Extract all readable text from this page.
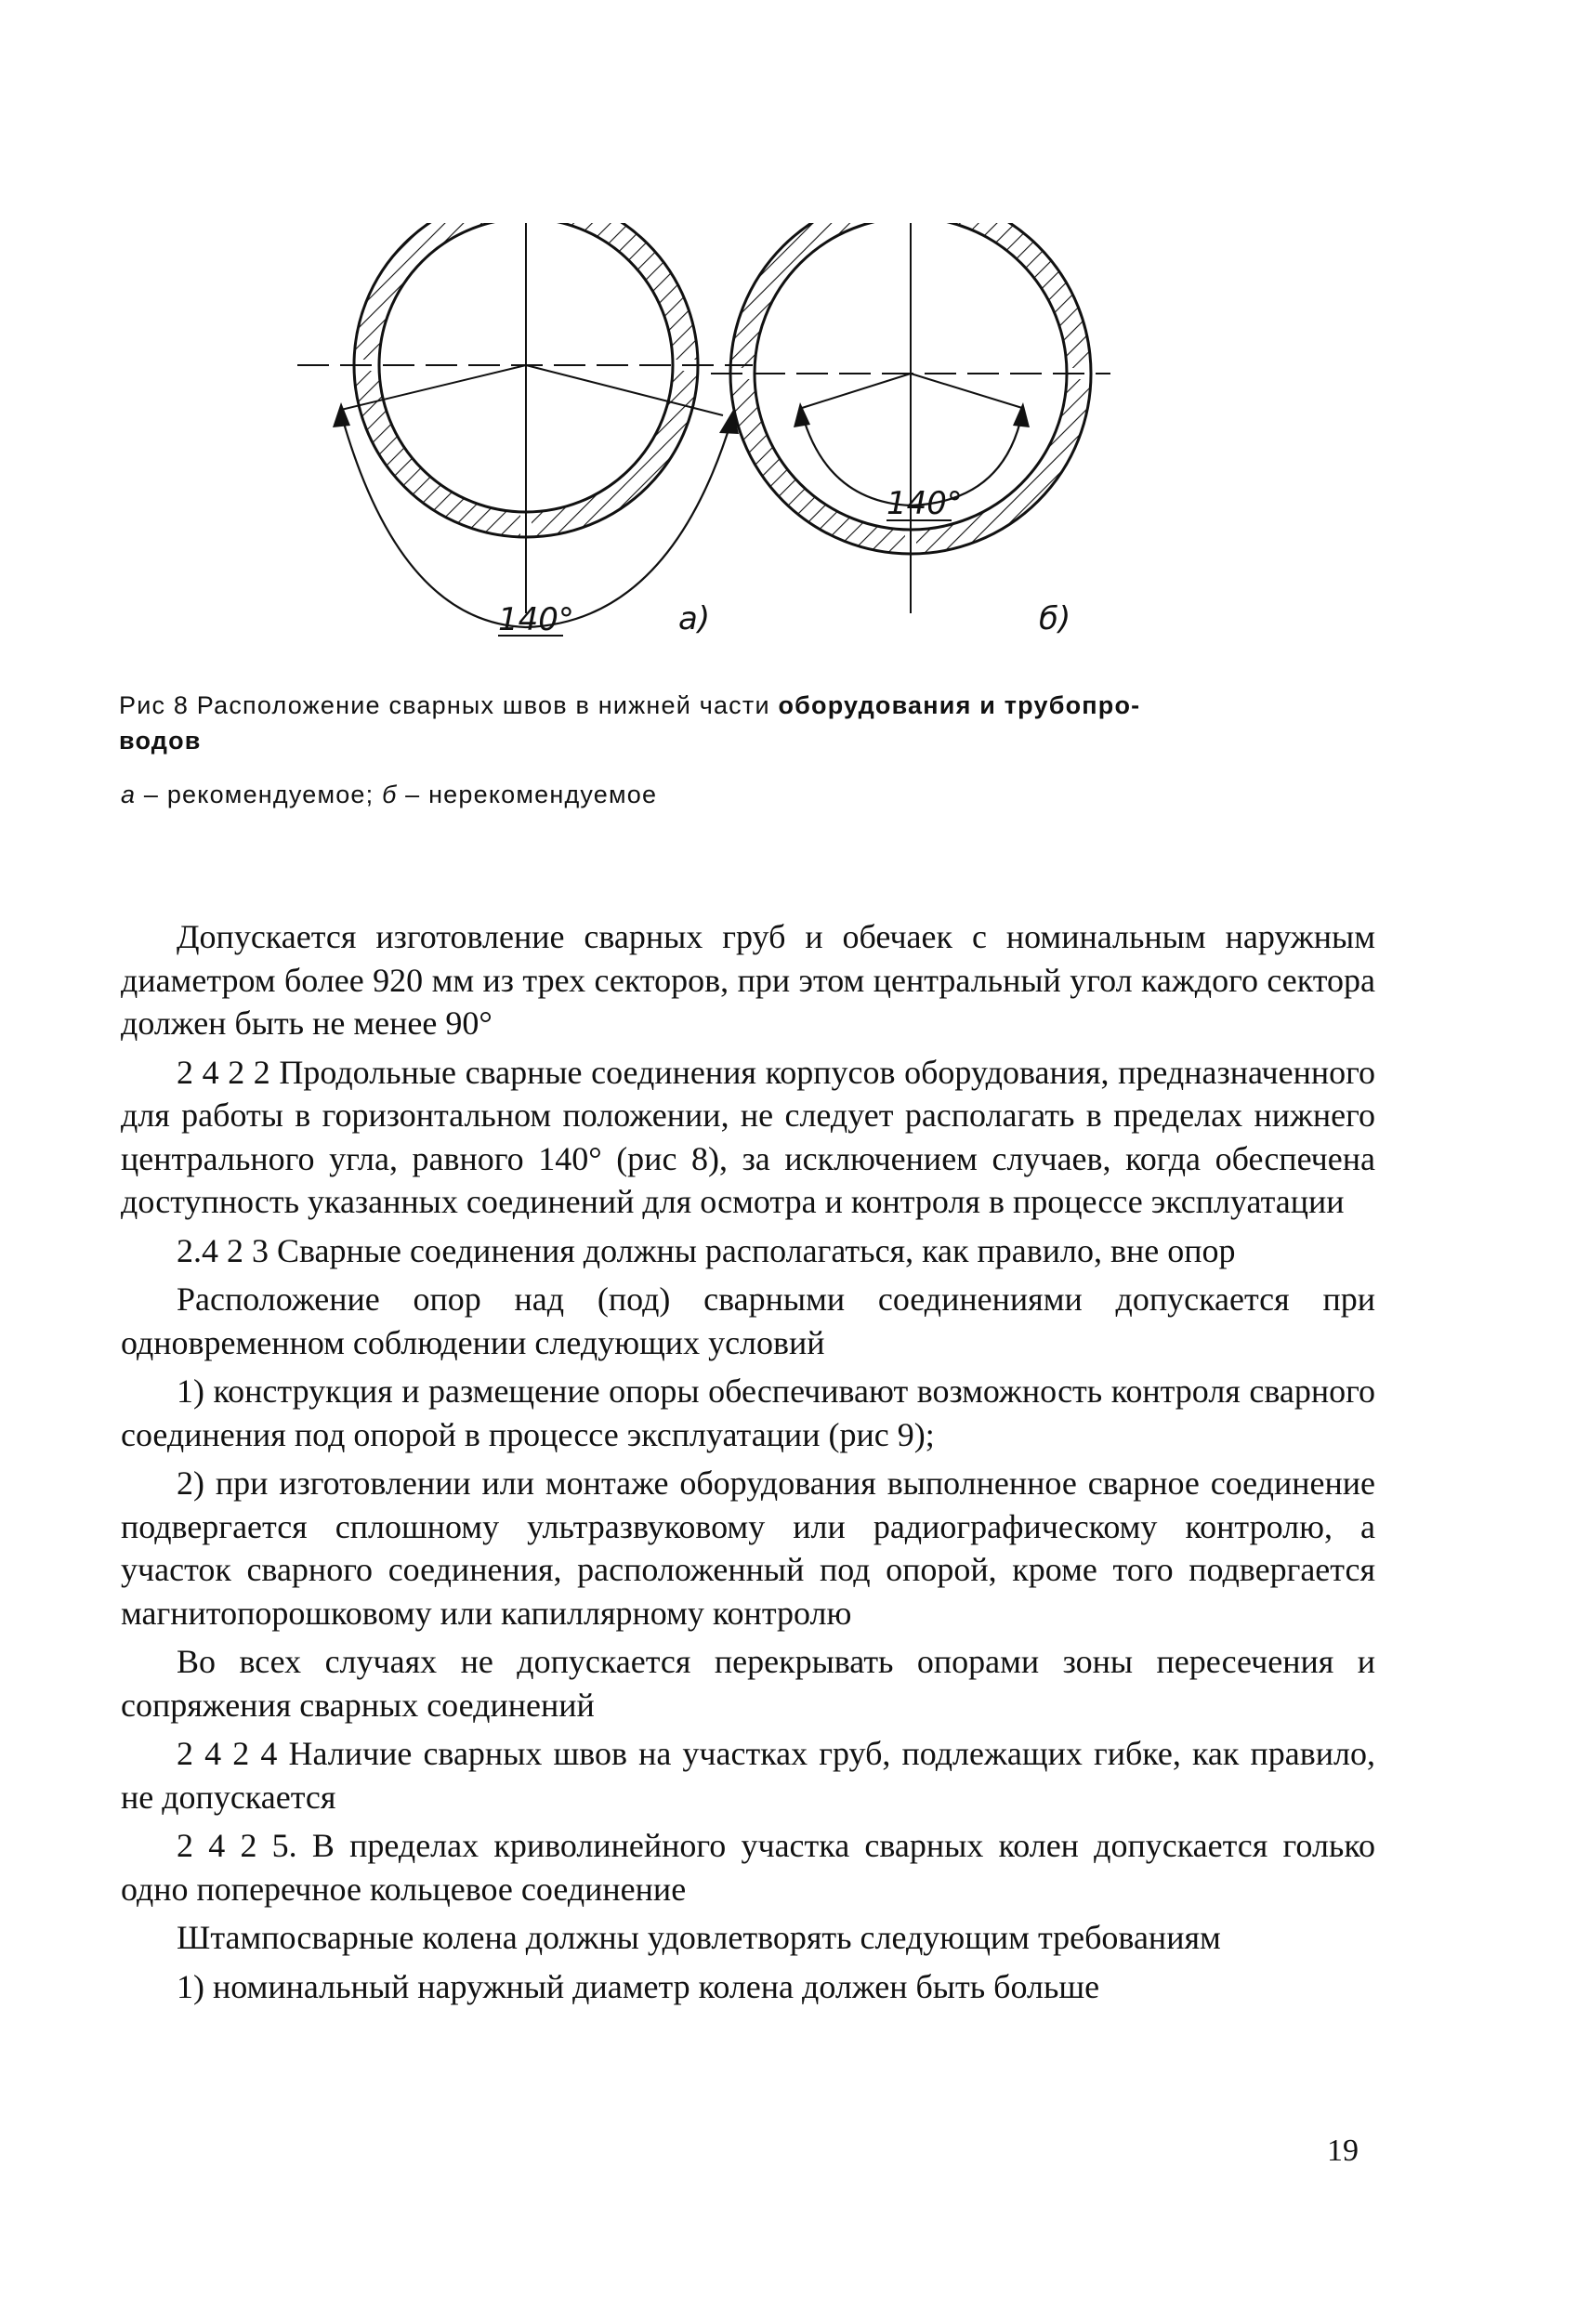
140°	а)
140°
б)
Рис 8 Расположение сварных швов в нижней части оборудования и трубопро-
водов
а – рекомендуемое; б – нерекомендуемое

Допускается изготовление сварных груб и обечаек с номинальным наружным диаметром более 920 мм из трех секторов, при этом центральный угол каждого сектора должен быть не менее 90°

2 4 2 2 Продольные сварные соединения корпусов оборудования, предназначенного для работы в горизонтальном положении, не следует располагать в пределах нижнего центрального угла, равного 140° (рис 8), за исключением случаев, когда обеспечена доступность указанных соединений для осмотра и контроля в процессе эксплуатации

2.4 2 3 Сварные соединения должны располагаться, как правило, вне опор

Расположение опор над (под) сварными соединениями допускается при одновременном соблюдении следующих условий

1) конструкция и размещение опоры обеспечивают возможность контроля сварного соединения под опорой в процессе эксплуатации (рис 9);

2) при изготовлении или монтаже оборудования выполненное сварное соединение подвергается сплошному ультразвуковому или радиографическому контролю, а участок сварного соединения, расположенный под опорой, кроме того подвергается магнитопорошковому или капиллярному контролю

Во всех случаях не допускается перекрывать опорами зоны пересечения и сопряжения сварных соединений

2 4 2 4 Наличие сварных швов на участках груб, подлежащих гибке, как правило, не допускается

2 4 2 5. В пределах криволинейного участка сварных колен допускается голько одно поперечное кольцевое соединение

Штампосварные колена должны удовлетворять следующим требованиям

1) номинальный наружный диаметр колена должен быть больше

19
